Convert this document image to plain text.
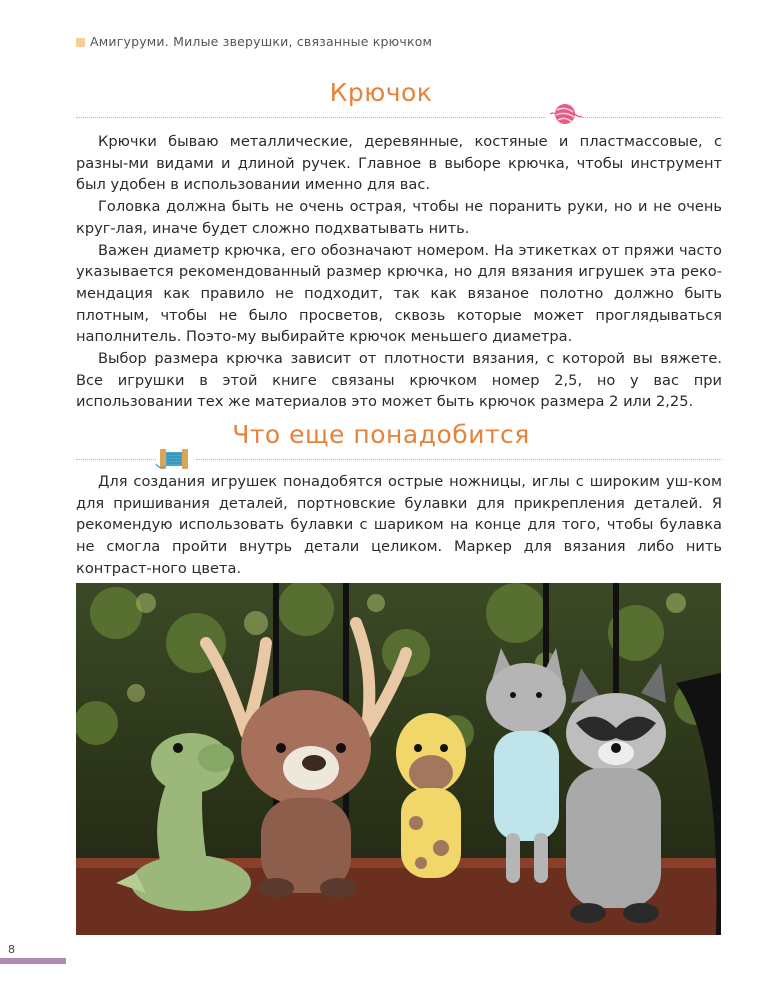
Амигуруми. Милые зверушки, связанные крючком
Крючок

Крючки бываю металлические, деревянные, костяные и пластмассовые, с разны-ми видами и длиной ручек. Главное в выборе крючка, чтобы инструмент был удобен в использовании именно для вас.

Головка должна быть не очень острая, чтобы не поранить руки, но и не очень круг-лая, иначе будет сложно подхватывать нить.

Важен диаметр крючка, его обозначают номером. На этикетках от пряжи часто указывается рекомендованный размер крючка, но для вязания игрушек эта реко-мендация как правило не подходит, так как вязаное полотно должно быть плотным, чтобы не было просветов, сквозь которые может проглядываться наполнитель. Поэто-му выбирайте крючок меньшего диаметра.

Выбор размера крючка зависит от плотности вязания, с которой вы вяжете. Все игрушки в этой книге связаны крючком номер 2,5, но у вас при использовании тех же материалов это может быть крючок размера 2 или 2,25.

Что еще понадобится

Для создания игрушек понадобятся острые ножницы, иглы с широким уш-ком для пришивания деталей, портновские булавки для прикрепления деталей. Я рекомендую использовать булавки с шариком на конце для того, чтобы булавка не смогла пройти внутрь детали целиком. Маркер для вязания либо нить контраст-ного цвета.

8
